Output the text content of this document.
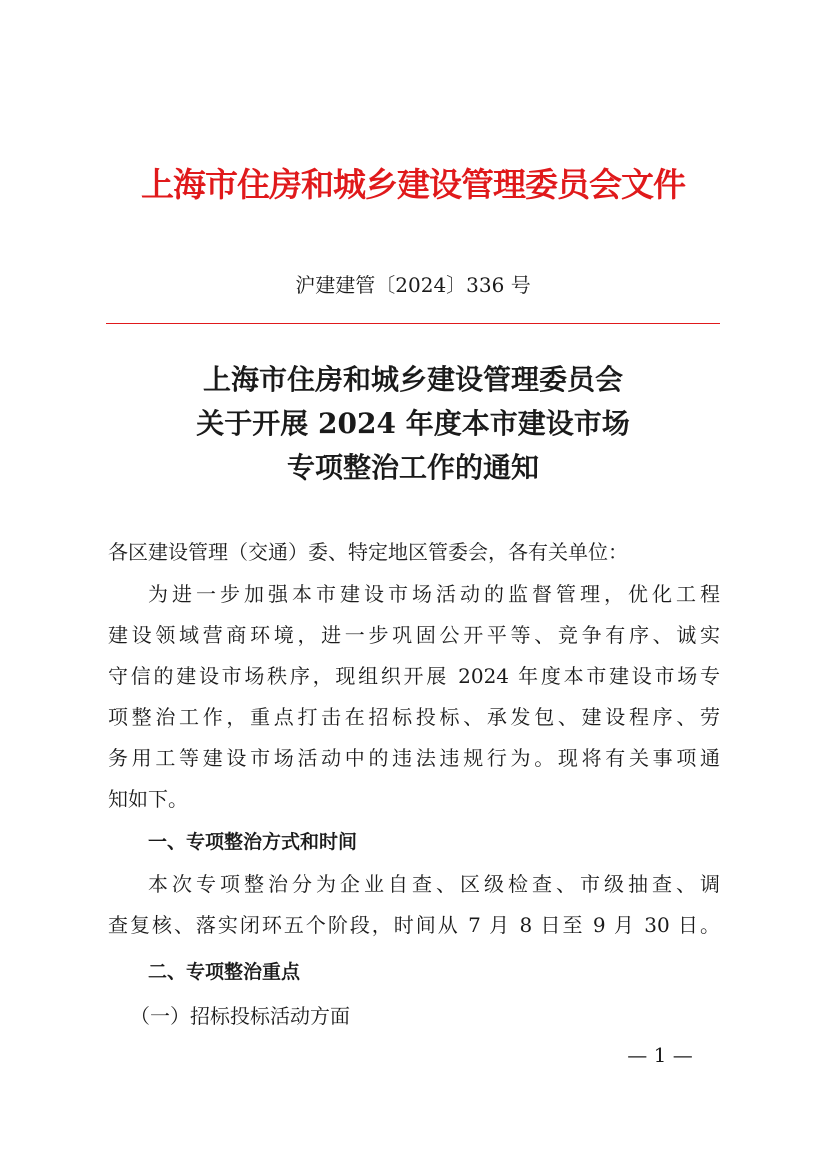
上海市住房和城乡建设管理委员会文件
沪建建管〔2024〕336 号
上海市住房和城乡建设管理委员会
关于开展 2024 年度本市建设市场
专项整治工作的通知
各区建设管理（交通）委、特定地区管委会，各有关单位：
为进一步加强本市建设市场活动的监督管理，优化工程
建设领域营商环境，进一步巩固公开平等、竞争有序、诚实
守信的建设市场秩序，现组织开展 2024 年度本市建设市场专
项整治工作，重点打击在招标投标、承发包、建设程序、劳
务用工等建设市场活动中的违法违规行为。现将有关事项通
知如下。
一、专项整治方式和时间
本次专项整治分为企业自查、区级检查、市级抽查、调
查复核、落实闭环五个阶段，时间从 7 月 8 日至 9 月 30 日。
二、专项整治重点
（一）招标投标活动方面
— 1 —
